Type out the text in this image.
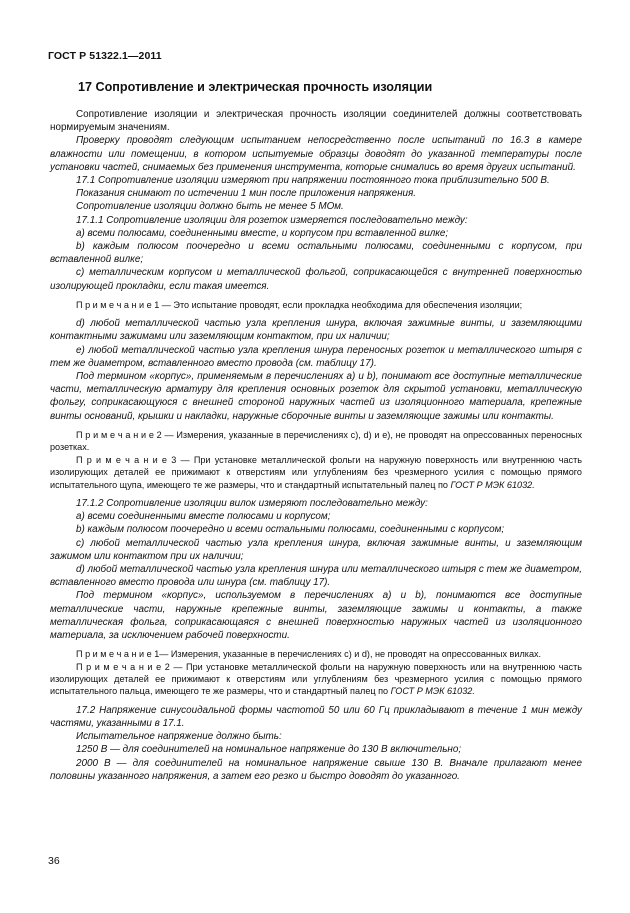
ГОСТ Р 51322.1—2011
17 Сопротивление и электрическая прочность изоляции

Сопротивление изоляции и электрическая прочность изоляции соединителей должны соответствовать нормируемым значениям.

Проверку проводят следующим испытанием непосредственно после испытаний по 16.3 в камере влажности или помещении, в котором испытуемые образцы доводят до указанной температуры после установки частей, снимаемых без применения инструмента, которые снимались во время других испытаний.

17.1 Сопротивление изоляции измеряют при напряжении постоянного тока приблизительно 500 В.

Показания снимают по истечении 1 мин после приложения напряжения.

Сопротивление изоляции должно быть не менее 5 МОм.

17.1.1 Сопротивление изоляции для розеток измеряется последовательно между:

a) всеми полюсами, соединенными вместе, и корпусом при вставленной вилке;

b) каждым полюсом поочередно и всеми остальными полюсами, соединенными с корпусом, при вставленной вилке;

c) металлическим корпусом и металлической фольгой, соприкасающейся с внутренней поверхностью изолирующей прокладки, если такая имеется.

П р и м е ч а н и е 1 — Это испытание проводят, если прокладка необходима для обеспечения изоляции;

d) любой металлической частью узла крепления шнура, включая зажимные винты, и заземляющими контактными зажимами или заземляющим контактом, при их наличии;

e) любой металлической частью узла крепления шнура переносных розеток и металлического штыря с тем же диаметром, вставленного вместо провода (см. таблицу 17).

Под термином «корпус», применяемым в перечислениях a) и b), понимают все доступные металлические части, металлическую арматуру для крепления основных розеток для скрытой установки, металлическую фольгу, соприкасающуюся с внешней стороной наружных частей из изоляционного материала, крепежные винты оснований, крышки и накладки, наружные сборочные винты и заземляющие зажимы или контакты.

П р и м е ч а н и е 2 — Измерения, указанные в перечислениях c), d) и e), не проводят на опрессованных переносных розетках.

П р и м е ч а н и е 3 — При установке металлической фольги на наружную поверхность или внутреннюю часть изолирующих деталей ее прижимают к отверстиям или углублениям без чрезмерного усилия с помощью прямого испытательного щупа, имеющего те же размеры, что и стандартный испытательный палец по ГОСТ Р МЭК 61032.

17.1.2 Сопротивление изоляции вилок измеряют последовательно между:

a) всеми соединенными вместе полюсами и корпусом;

b) каждым полюсом поочередно и всеми остальными полюсами, соединенными с корпусом;

c) любой металлической частью узла крепления шнура, включая зажимные винты, и заземляющим зажимом или контактом при их наличии;

d) любой металлической частью узла крепления шнура или металлического штыря с тем же диаметром, вставленного вместо провода или шнура (см. таблицу 17).

Под термином «корпус», используемом в перечислениях a) и b), понимаются все доступные металлические части, наружные крепежные винты, заземляющие зажимы и контакты, а также металлическая фольга, соприкасающаяся с внешней поверхностью наружных частей из изоляционного материала, за исключением рабочей поверхности.

П р и м е ч а н и е 1— Измерения, указанные в перечислениях c) и d), не проводят на опрессованных вилках.

П р и м е ч а н и е 2 — При установке металлической фольги на наружную поверхность или на внутреннюю часть изолирующих деталей ее прижимают к отверстиям или углублениям без чрезмерного усилия с помощью прямого испытательного пальца, имеющего те же размеры, что и стандартный палец по ГОСТ Р МЭК 61032.

17.2 Напряжение синусоидальной формы частотой 50 или 60 Гц прикладывают в течение 1 мин между частями, указанными в 17.1.

Испытательное напряжение должно быть:

1250 В — для соединителей на номинальное напряжение до 130 В включительно;

2000 В — для соединителей на номинальное напряжение свыше 130 В. Вначале прилагают менее половины указанного напряжения, а затем его резко и быстро доводят до указанного.

36
